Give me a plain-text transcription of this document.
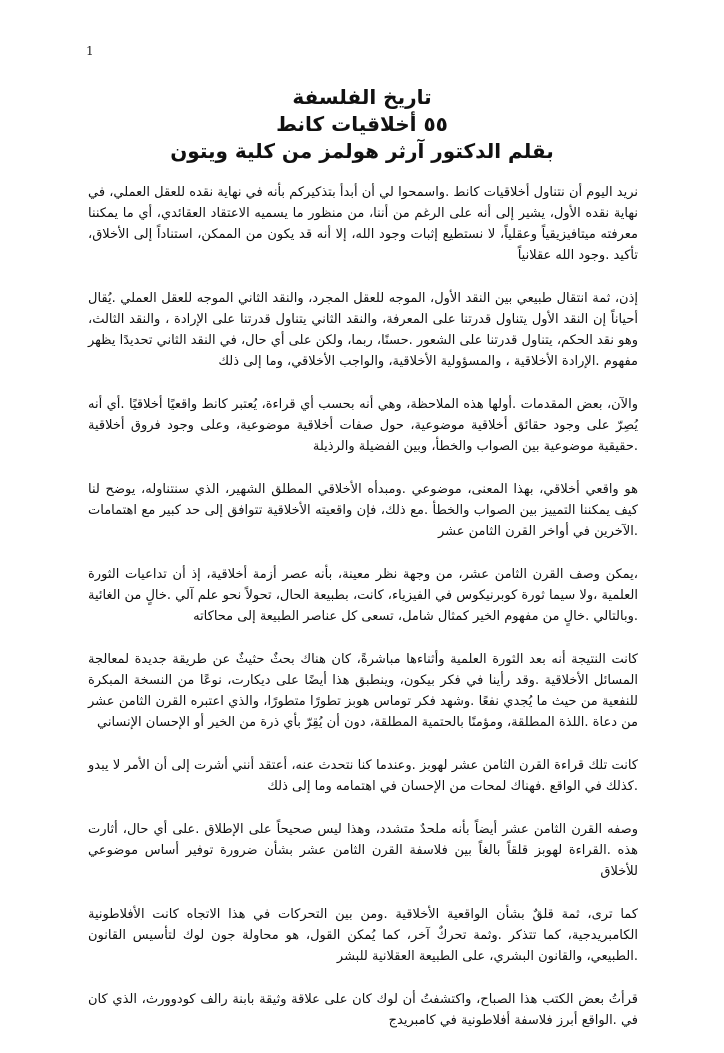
1
تاريخ الفلسفة
٥٥ أخلاقيات كانط
بقلم الدكتور آرثر هولمز من كلية ويتون

نريد اليوم أن نتناول أخلاقيات كانط .واسمحوا لي أن أبدأ بتذكيركم بأنه في نهاية نقده للعقل العملي، في نهاية نقده الأول، يشير إلى أنه على الرغم من أننا، من منظور ما يسميه الاعتقاد العقائدي، أي ما يمكننا معرفته ميتافيزيقياً وعقلياً، لا نستطيع إثبات وجود الله، إلا أنه قد يكون من الممكن، استناداً إلى الأخلاق، تأكيد .وجود الله عقلانياً

إذن، ثمة انتقال طبيعي بين النقد الأول، الموجه للعقل المجرد، والنقد الثاني الموجه للعقل العملي .يُقال أحياناً إن النقد الأول يتناول قدرتنا على المعرفة، والنقد الثاني يتناول قدرتنا على الإرادة ، والنقد الثالث، وهو نقد الحكم، يتناول قدرتنا على الشعور .حسنًا، ربما، ولكن على أي حال، في النقد الثاني تحديدًا يظهر مفهوم .الإرادة الأخلاقية ، والمسؤولية الأخلاقية، والواجب الأخلاقي، وما إلى ذلك

والآن، بعض المقدمات .أولها هذه الملاحظة، وهي أنه بحسب أي قراءة، يُعتبر كانط واقعيًا أخلاقيًا .أي أنه يُصِرّ على وجود حقائق أخلاقية موضوعية، حول صفات أخلاقية موضوعية، وعلى وجود فروق أخلاقية .حقيقية موضوعية بين الصواب والخطأ، وبين الفضيلة والرذيلة

هو واقعي أخلاقي، بهذا المعنى، موضوعي .ومبدأه الأخلاقي المطلق الشهير، الذي سنتناوله، يوضح لنا كيف يمكننا التمييز بين الصواب والخطأ .مع ذلك، فإن واقعيته الأخلاقية تتوافق إلى حد كبير مع اهتمامات .الآخرين في أواخر القرن الثامن عشر

،يمكن وصف القرن الثامن عشر، من وجهة نظر معينة، بأنه عصر أزمة أخلاقية، إذ أن تداعيات الثورة العلمية ،ولا سيما ثورة كوبرنيكوس في الفيزياء، كانت، بطبيعة الحال، تحولاً نحو علم آلي .خالٍ من الغائية .وبالتالي .خالٍ من مفهوم الخير كمثال شامل، تسعى كل عناصر الطبيعة إلى محاكاته

كانت النتيجة أنه بعد الثورة العلمية وأثناءها مباشرةً، كان هناك بحثٌ حثيثٌ عن طريقة جديدة لمعالجة المسائل الأخلاقية .وقد رأينا في فكر بيكون، وينطبق هذا أيضًا على ديكارت، نوعًا من النسخة المبكرة للنفعية من حيث ما يُجدي نفعًا .وشهد فكر توماس هوبز تطورًا متطورًا، والذي اعتبره القرن الثامن عشر من دعاة .اللذة المطلقة، ومؤمنًا بالحتمية المطلقة، دون أن يُقِرّ بأي ذرة من الخير أو الإحسان الإنساني

كانت تلك قراءة القرن الثامن عشر لهوبز .وعندما كنا نتحدث عنه، أعتقد أنني أشرت إلى أن الأمر لا يبدو .كذلك في الواقع .فهناك لمحات من الإحسان في اهتمامه وما إلى ذلك

وصفه القرن الثامن عشر أيضاً بأنه ملحدٌ متشدد، وهذا ليس صحيحاً على الإطلاق .على أي حال، أثارت هذه .القراءة لهوبز قلقاً بالغاً بين فلاسفة القرن الثامن عشر بشأن ضرورة توفير أساس موضوعي للأخلاق

كما ترى، ثمة قلقٌ بشأن الواقعية الأخلاقية .ومن بين التحركات في هذا الاتجاه كانت الأفلاطونية الكامبريدجية، كما تتذكر .وثمة تحركٌ آخر، كما يُمكن القول، هو محاولة جون لوك لتأسيس القانون .الطبيعي، والقانون البشري، على الطبيعة العقلانية للبشر

قرأتُ بعض الكتب هذا الصباح، واكتشفتُ أن لوك كان على علاقة وثيقة بابنة رالف كودوورث، الذي كان في .الواقع أبرز فلاسفة أفلاطونية في كامبريدج
